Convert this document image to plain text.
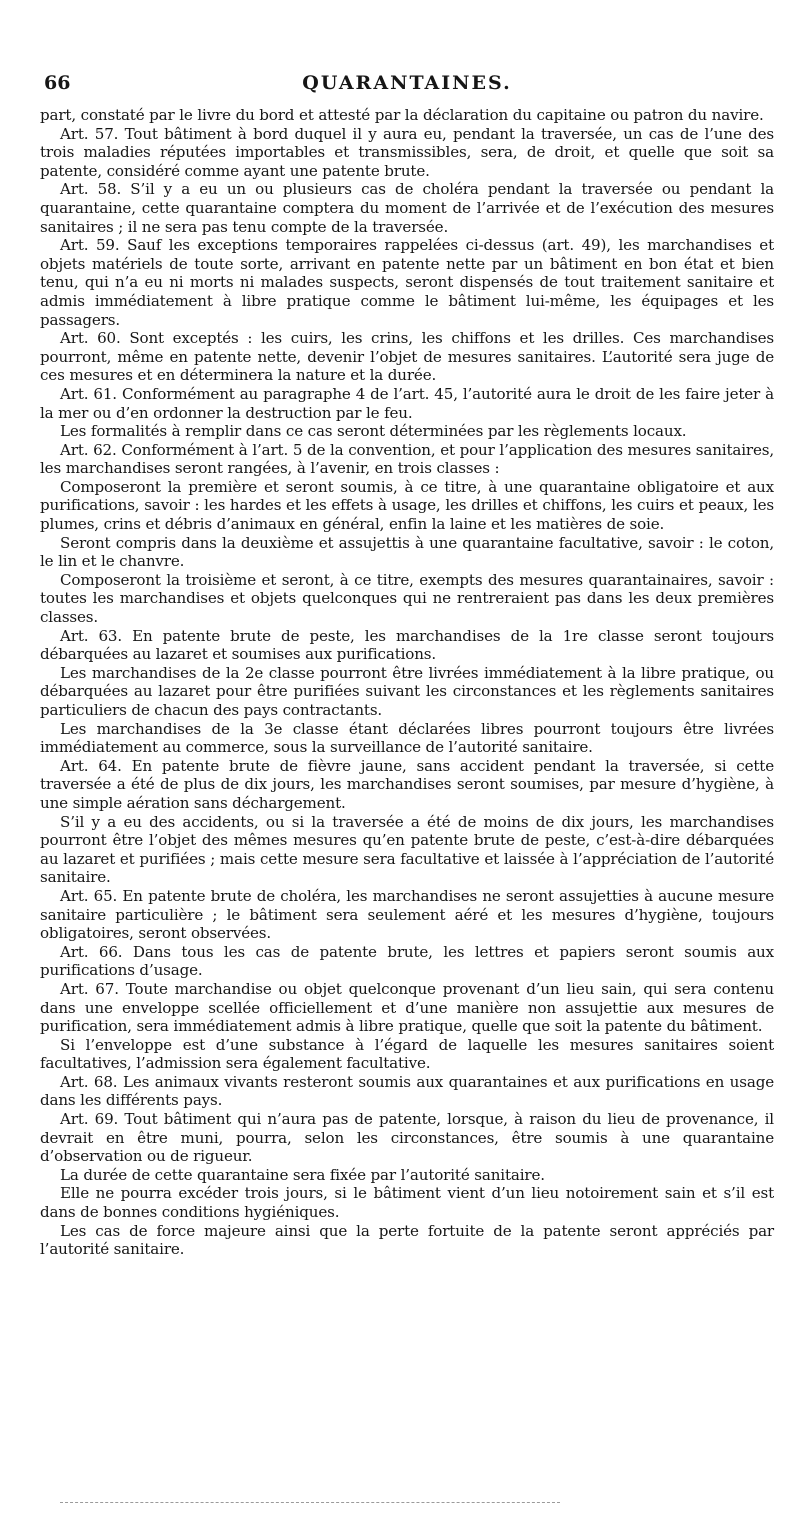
66	QUARANTAINES.

part, constaté par le livre du bord et attesté par la déclaration du capitaine ou patron du navire.

Art. 57. Tout bâtiment à bord duquel il y aura eu, pendant la traversée, un cas de l’une des trois maladies réputées importables et transmissibles, sera, de droit, et quelle que soit sa patente, considéré comme ayant une patente brute.

Art. 58. S’il y a eu un ou plusieurs cas de choléra pendant la traversée ou pendant la quarantaine, cette quarantaine comptera du moment de l’arrivée et de l’exécution des mesures sanitaires ; il ne sera pas tenu compte de la traversée.

Art. 59. Sauf les exceptions temporaires rappelées ci-dessus (art. 49), les marchandises et objets matériels de toute sorte, arrivant en patente nette par un bâtiment en bon état et bien tenu, qui n’a eu ni morts ni malades suspects, seront dispensés de tout traitement sanitaire et admis immédiatement à libre pratique comme le bâtiment lui-même, les équipages et les passagers.

Art. 60. Sont exceptés : les cuirs, les crins, les chiffons et les drilles. Ces marchandises pourront, même en patente nette, devenir l’objet de mesures sanitaires. L’autorité sera juge de ces mesures et en déterminera la nature et la durée.

Art. 61. Conformément au paragraphe 4 de l’art. 45, l’autorité aura le droit de les faire jeter à la mer ou d’en ordonner la destruction par le feu.

Les formalités à remplir dans ce cas seront déterminées par les règlements locaux.

Art. 62. Conformément à l’art. 5 de la convention, et pour l’application des mesures sanitaires, les marchandises seront rangées, à l’avenir, en trois classes :

Composeront la première et seront soumis, à ce titre, à une quarantaine obligatoire et aux purifications, savoir : les hardes et les effets à usage, les drilles et chiffons, les cuirs et peaux, les plumes, crins et débris d’animaux en général, enfin la laine et les matières de soie.

Seront compris dans la deuxième et assujettis à une quarantaine facultative, savoir : le coton, le lin et le chanvre.

Composeront la troisième et seront, à ce titre, exempts des mesures quarantainaires, savoir : toutes les marchandises et objets quelconques qui ne rentreraient pas dans les deux premières classes.

Art. 63. En patente brute de peste, les marchandises de la 1re classe seront toujours débarquées au lazaret et soumises aux purifications.

Les marchandises de la 2e classe pourront être livrées immédiatement à la libre pratique, ou débarquées au lazaret pour être purifiées suivant les circonstances et les règlements sanitaires particuliers de chacun des pays contractants.

Les marchandises de la 3e classe étant déclarées libres pourront toujours être livrées immédiatement au commerce, sous la surveillance de l’autorité sanitaire.

Art. 64. En patente brute de fièvre jaune, sans accident pendant la traversée, si cette traversée a été de plus de dix jours, les marchandises seront soumises, par mesure d’hygiène, à une simple aération sans déchargement.

S’il y a eu des accidents, ou si la traversée a été de moins de dix jours, les marchandises pourront être l’objet des mêmes mesures qu’en patente brute de peste, c’est-à-dire débarquées au lazaret et purifiées ; mais cette mesure sera facultative et laissée à l’appréciation de l’autorité sanitaire.

Art. 65. En patente brute de choléra, les marchandises ne seront assujetties à aucune mesure sanitaire particulière ; le bâtiment sera seulement aéré et les mesures d’hygiène, toujours obligatoires, seront observées.

Art. 66. Dans tous les cas de patente brute, les lettres et papiers seront soumis aux purifications d’usage.

Art. 67. Toute marchandise ou objet quelconque provenant d’un lieu sain, qui sera contenu dans une enveloppe scellée officiellement et d’une manière non assujettie aux mesures de purification, sera immédiatement admis à libre pratique, quelle que soit la patente du bâtiment.

Si l’enveloppe est d’une substance à l’égard de laquelle les mesures sanitaires soient facultatives, l’admission sera également facultative.

Art. 68. Les animaux vivants resteront soumis aux quarantaines et aux purifications en usage dans les différents pays.

Art. 69. Tout bâtiment qui n’aura pas de patente, lorsque, à raison du lieu de provenance, il devrait en être muni, pourra, selon les circonstances, être soumis à une quarantaine d’observation ou de rigueur.

La durée de cette quarantaine sera fixée par l’autorité sanitaire.

Elle ne pourra excéder trois jours, si le bâtiment vient d’un lieu notoirement sain et s’il est dans de bonnes conditions hygiéniques.

Les cas de force majeure ainsi que la perte fortuite de la patente seront appréciés par l’autorité sanitaire.
